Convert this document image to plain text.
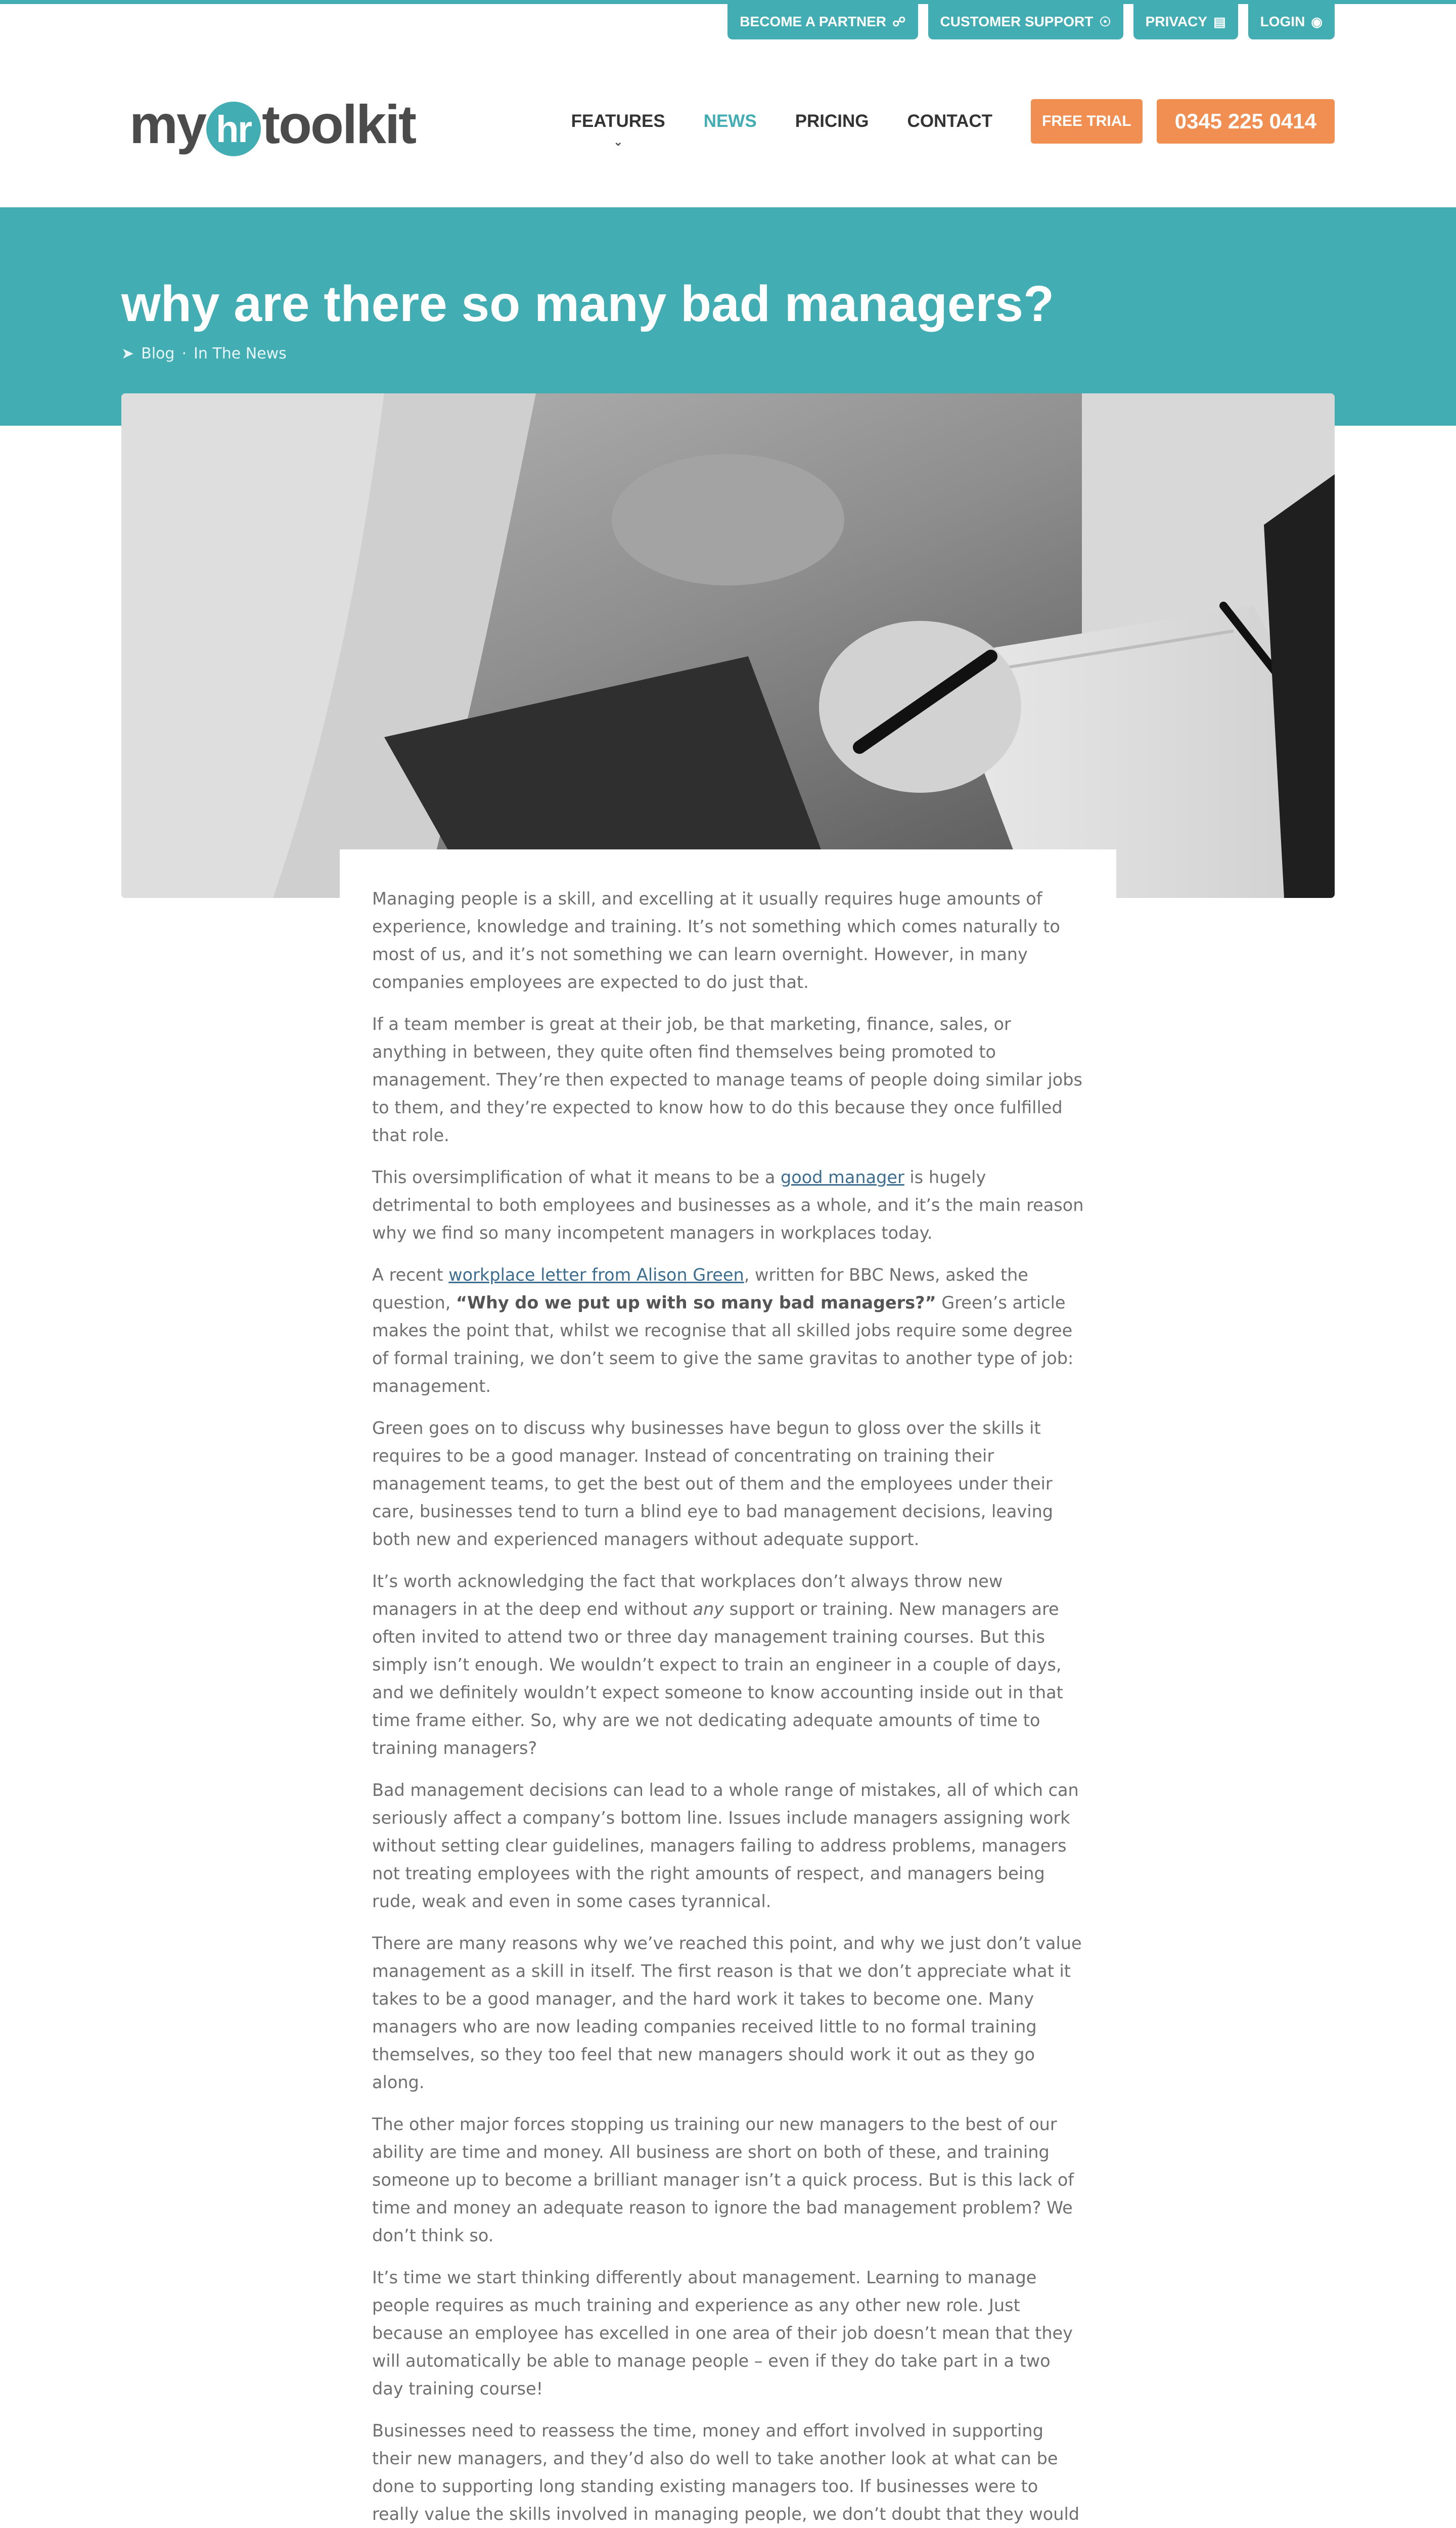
BECOME A PARTNER ☍ CUSTOMER SUPPORT ☉ PRIVACY ▤ LOGIN ◉
my hr toolkit	FEATURES
⌄
NEWS PRICING CONTACT	FREE TRIAL	0345 225 0414
why are there so many bad managers?
➤ Blog · In The News

Managing people is a skill, and excelling at it usually requires huge amounts of experience, knowledge and training. It’s not something which comes naturally to most of us, and it’s not something we can learn overnight. However, in many companies employees are expected to do just that.

If a team member is great at their job, be that marketing, finance, sales, or anything in between, they quite often find themselves being promoted to management. They’re then expected to manage teams of people doing similar jobs to them, and they’re expected to know how to do this because they once fulfilled that role.

This oversimplification of what it means to be a good manager is hugely detrimental to both employees and businesses as a whole, and it’s the main reason why we find so many incompetent managers in workplaces today.

A recent workplace letter from Alison Green, written for BBC News, asked the question, “Why do we put up with so many bad managers?” Green’s article makes the point that, whilst we recognise that all skilled jobs require some degree of formal training, we don’t seem to give the same gravitas to another type of job: management.

Green goes on to discuss why businesses have begun to gloss over the skills it requires to be a good manager. Instead of concentrating on training their management teams, to get the best out of them and the employees under their care, businesses tend to turn a blind eye to bad management decisions, leaving both new and experienced managers without adequate support.

It’s worth acknowledging the fact that workplaces don’t always throw new managers in at the deep end without any support or training. New managers are often invited to attend two or three day management training courses. But this simply isn’t enough. We wouldn’t expect to train an engineer in a couple of days, and we definitely wouldn’t expect someone to know accounting inside out in that time frame either. So, why are we not dedicating adequate amounts of time to training managers?

Bad management decisions can lead to a whole range of mistakes, all of which can seriously affect a company’s bottom line. Issues include managers assigning work without setting clear guidelines, managers failing to address problems, managers not treating employees with the right amounts of respect, and managers being rude, weak and even in some cases tyrannical.

There are many reasons why we’ve reached this point, and why we just don’t value management as a skill in itself. The first reason is that we don’t appreciate what it takes to be a good manager, and the hard work it takes to become one. Many managers who are now leading companies received little to no formal training themselves, so they too feel that new managers should work it out as they go along.

The other major forces stopping us training our new managers to the best of our ability are time and money. All business are short on both of these, and training someone up to become a brilliant manager isn’t a quick process. But is this lack of time and money an adequate reason to ignore the bad management problem? We don’t think so.

It’s time we start thinking differently about management. Learning to manage people requires as much training and experience as any other new role. Just because an employee has excelled in one area of their job doesn’t mean that they will automatically be able to manage people – even if they do take part in a two day training course!

Businesses need to reassess the time, money and effort involved in supporting their new managers, and they’d also do well to take another look at what can be done to supporting long standing existing managers too. If businesses were to really value the skills involved in managing people, we don’t doubt that they would
